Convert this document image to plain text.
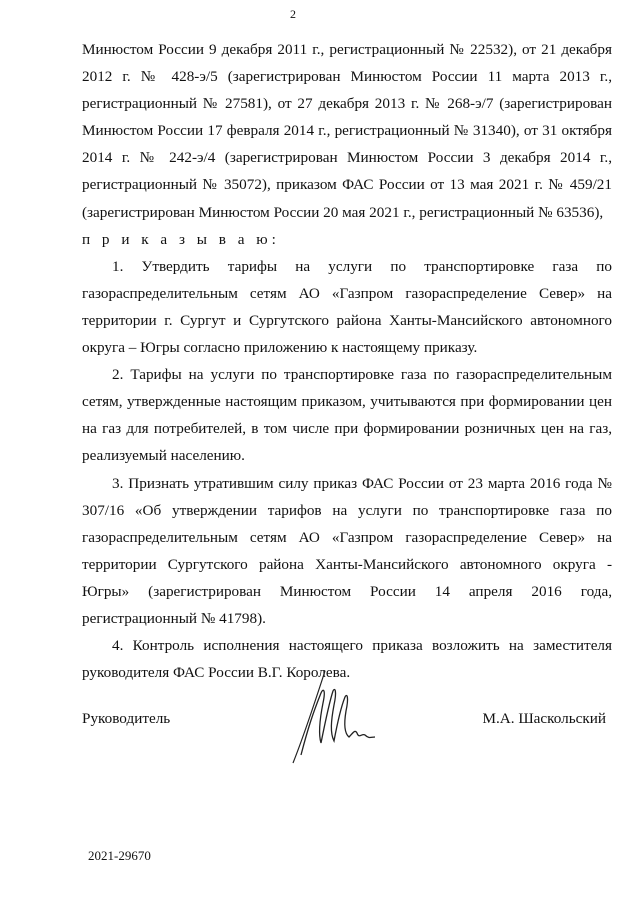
2

Минюстом России 9 декабря 2011 г., регистрационный № 22532), от 21 декабря 2012 г. № 428-э/5 (зарегистрирован Минюстом России 11 марта 2013 г., регистрационный № 27581), от 27 декабря 2013 г. № 268-э/7 (зарегистрирован Минюстом России 17 февраля 2014 г., регистрационный № 31340), от 31 октября 2014 г. № 242-э/4 (зарегистрирован Минюстом России 3 декабря 2014 г., регистрационный № 35072), приказом ФАС России от 13 мая 2021 г. № 459/21 (зарегистрирован Минюстом России 20 мая 2021 г., регистрационный № 63536),

п р и к а з ы в а ю:

1. Утвердить тарифы на услуги по транспортировке газа по газораспределительным сетям АО «Газпром газораспределение Север» на территории г. Сургут и Сургутского района Ханты-Мансийского автономного округа – Югры согласно приложению к настоящему приказу.

2. Тарифы на услуги по транспортировке газа по газораспределительным сетям, утвержденные настоящим приказом, учитываются при формировании цен на газ для потребителей, в том числе при формировании розничных цен на газ, реализуемый населению.

3. Признать утратившим силу приказ ФАС России от 23 марта 2016 года № 307/16 «Об утверждении тарифов на услуги по транспортировке газа по газораспределительным сетям АО «Газпром газораспределение Север» на территории Сургутского района Ханты-Мансийского автономного округа - Югры» (зарегистрирован Минюстом России 14 апреля 2016 года, регистрационный № 41798).

4. Контроль исполнения настоящего приказа возложить на заместителя руководителя ФАС России В.Г. Королева.

Руководитель	М.А. Шаскольский
2021-29670
